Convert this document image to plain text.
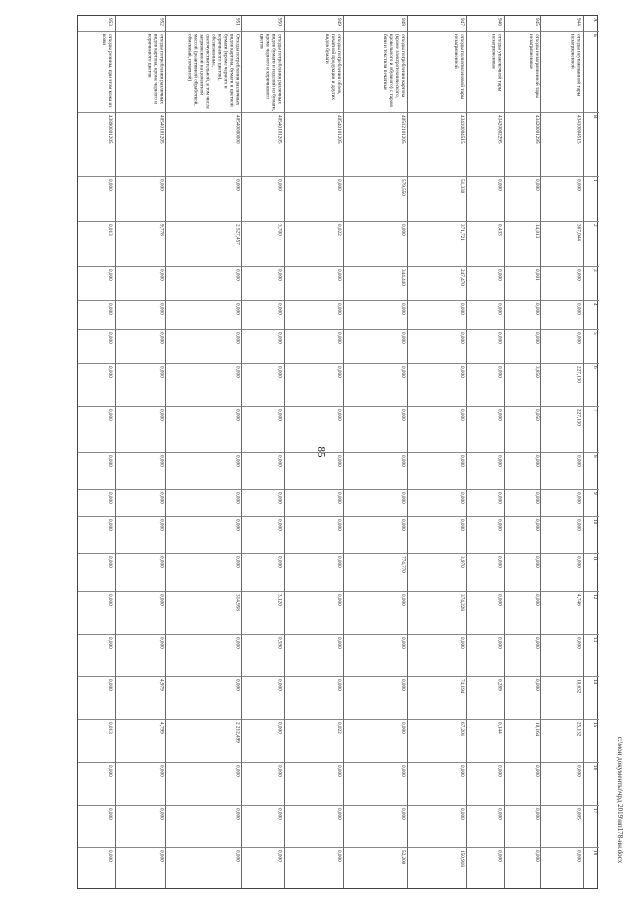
85
953
отходы резины, при этом кожа из кожи
43890001205
0,000
0,013
0,000
0,000
0,000
0,000
0,000
0,000
0,000
0,000
0,000
0,000
0,000
0,000
0,013
0,000
0,000
0,000
952
отходы потребления различных видов картона, кроме черного и коричневого цветов
40540101205
0,000
9,778
0,000
0,000
0,000
0,000
0,000
0,000
0,000
0,000
0,000
0,000
0,000
4,979
4,799
0,000
0,000
0,000
951
Отходы потребления различных видов картона, бумаги и цветной бумаги (кроме черного и коричневого цветов), обезвоженные, светочувствительной, в том числе загрязненной на цементной массой (реактивной обработкой, обменный, печатной)
40540000000
0,000
2 527,457
0,000
0,000
0,000
0,000
0,000
0,000
0,000
0,000
0,000
314,958
0,000
0,000
2 212,499
0,000
0,000
0,000
950
отходы потребления различных видов бумаги и изделий из бумаги, кроме черного и коричневого цветов
40540101205
0,000
3,700
0,000
0,000
0,000
0,000
0,000
0,000
0,000
0,000
0,000
3,120
0,590
0,000
0,000
0,000
0,000
0,000
949
отходы потребления обоев, печатной продукции и других видов бумаги
40540101205
0,000
0,022
0,000
0,000
0,000
0,000
0,000
0,000
0,000
0,000
0,000
0,000
0,000
0,000
0,022
0,000
0,000
0,000
948
отходы потребления картона (кроме электротехнического, кровельного и обувного) с тарою бязи и текстиля печатные
40512101205
579,550
0,000
344,440
0,000
0,000
0,000
0,000
0,000
0,000
0,000
774,770
0,000
0,000
0,000
0,000
0,000
0,000
52,200
947
отходы полиэтиленовой тары незагрязненной
43410004515
51,330
371,721
247,470
0,000
0,000
0,000
0,000
0,000
0,000
0,000
3,970
374,228
0,000
74,194
67,201
0,000
0,000
150,918
946
отходы упаковочной тары незагрязненные
43420002295
0,000
0,433
0,000
0,000
0,000
0,000
0,000
0,000
0,000
0,000
0,000
0,000
0,000
0,289
0,144
0,000
0,000
0,000
945
отходы незагрязненной тары незагрязненные
43420001295
0,000
14,013
0,001
0,000
0,000
3,850
0,050
0,000
0,000
0,000
0,000
0,000
0,000
0,000
10,164
0,000
0,000
0,000
944
отходы неупакованной тары незагрязненной
43410004515
0,000
367,044
0,000
0,000
0,000
227,130
227,130
0,000
0,000
0,000
0,000
4,746
0,000
10,632
25,132
0,000
0,005
0,000
А
Б
В
1
2
3
4
5
6
7
8
9
10
11
12
13
14
15
16
17
18	c:\мои документы\чрд 2019\ип178-ин.docx
